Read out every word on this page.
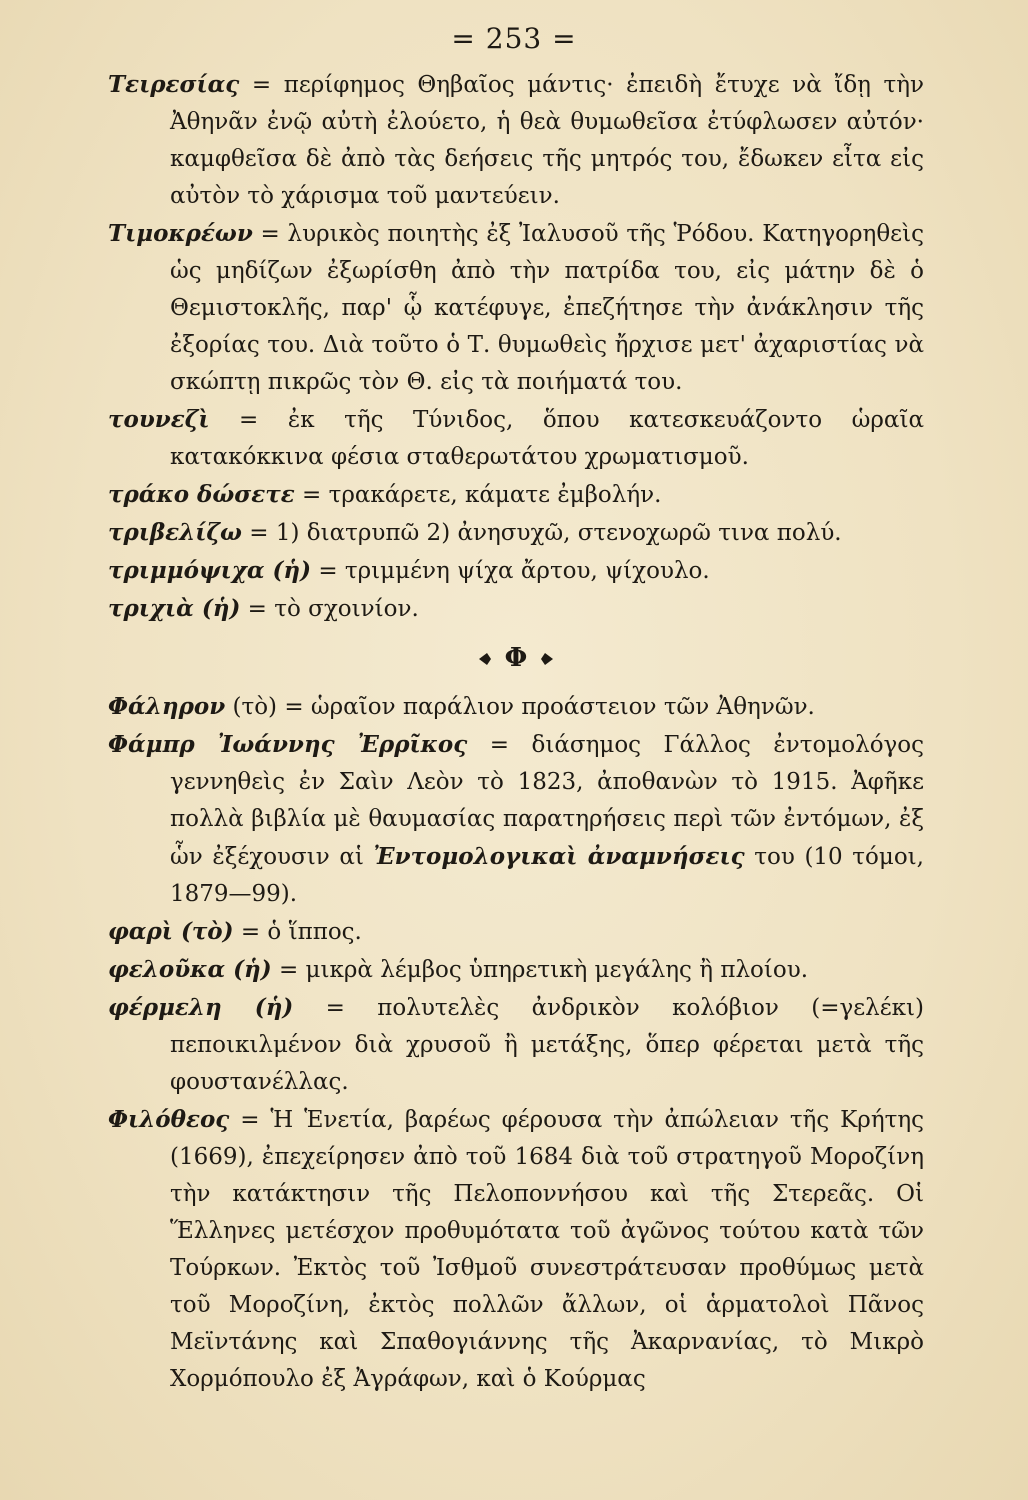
= 253 =
Τειρεσίας = περίφημος Θηβαῖος μάντις· ἐπειδὴ ἔτυχε νὰ ἴδῃ τὴν Ἀθηνᾶν ἐνῷ αὐτὴ ἐλούετο, ἡ θεὰ θυμωθεῖσα ἐτύφλωσεν αὐτόν· καμφθεῖσα δὲ ἀπὸ τὰς δεήσεις τῆς μητρός του, ἔδωκεν εἶτα εἰς αὐτὸν τὸ χάρισμα τοῦ μαντεύειν.
Τιμοκρέων = λυρικὸς ποιητὴς ἐξ Ἰαλυσοῦ τῆς Ῥόδου. Κατηγορηθεὶς ὡς μηδίζων ἐξωρίσθη ἀπὸ τὴν πατρίδα του, εἰς μάτην δὲ ὁ Θεμιστοκλῆς, παρ' ᾧ κατέφυγε, ἐπεζήτησε τὴν ἀνάκλησιν τῆς ἐξορίας του. Διὰ τοῦτο ὁ Τ. θυμωθεὶς ἤρχισε μετ' ἀχαριστίας νὰ σκώπτῃ πικρῶς τὸν Θ. εἰς τὰ ποιήματά του.
τουνεζὶ = ἐκ τῆς Τύνιδος, ὅπου κατεσκευάζοντο ὡραῖα κατακόκκινα φέσια σταθερωτάτου χρωματισμοῦ.
τράκο δώσετε = τρακάρετε, κάματε ἐμβολήν.
τριβελίζω = 1) διατρυπῶ 2) ἀνησυχῶ, στενοχωρῶ τινα πολύ.
τριμμόψιχα (ἡ) = τριμμένη ψίχα ἄρτου, ψίχουλο.
τριχιὰ (ἡ) = τὸ σχοινίον.
Φ
Φάληρον (τὸ) = ὡραῖον παράλιον προάστειον τῶν Ἀθηνῶν.
Φάμπρ Ἰωάννης Ἐρρῖκος = διάσημος Γάλλος ἐντομολόγος γεννηθεὶς ἐν Σαὶν Λεὸν τὸ 1823, ἀποθανὼν τὸ 1915. Ἀφῆκε πολλὰ βιβλία μὲ θαυμασίας παρατηρήσεις περὶ τῶν ἐντόμων, ἐξ ὧν ἐξέχουσιν αἱ Ἐντομολογικαὶ ἀναμνήσεις του (10 τόμοι, 1879—99).
φαρὶ (τὸ) = ὁ ἵππος.
φελοῦκα (ἡ) = μικρὰ λέμβος ὑπηρετικὴ μεγάλης ἢ πλοίου.
φέρμελη (ἡ) = πολυτελὲς ἀνδρικὸν κολόβιον (=γελέκι) πεποικιλμένον διὰ χρυσοῦ ἢ μετάξης, ὅπερ φέρεται μετὰ τῆς φουστανέλλας.
Φιλόθεος = Ἡ Ἑνετία, βαρέως φέρουσα τὴν ἀπώλειαν τῆς Κρήτης (1669), ἐπεχείρησεν ἀπὸ τοῦ 1684 διὰ τοῦ στρατηγοῦ Μοροζίνη τὴν κατάκτησιν τῆς Πελοποννήσου καὶ τῆς Στερεᾶς. Οἱ Ἕλληνες μετέσχον προθυμότατα τοῦ ἀγῶνος τούτου κατὰ τῶν Τούρκων. Ἐκτὸς τοῦ Ἰσθμοῦ συνεστράτευσαν προθύμως μετὰ τοῦ Μοροζίνη, ἐκτὸς πολλῶν ἄλλων, οἱ ἁρματολοὶ Πᾶνος Μεϊντάνης καὶ Σπαθογιάννης τῆς Ἀκαρνανίας, τὸ Μικρὸ Χορμόπουλο ἐξ Ἀγράφων, καὶ ὁ Κούρμας
